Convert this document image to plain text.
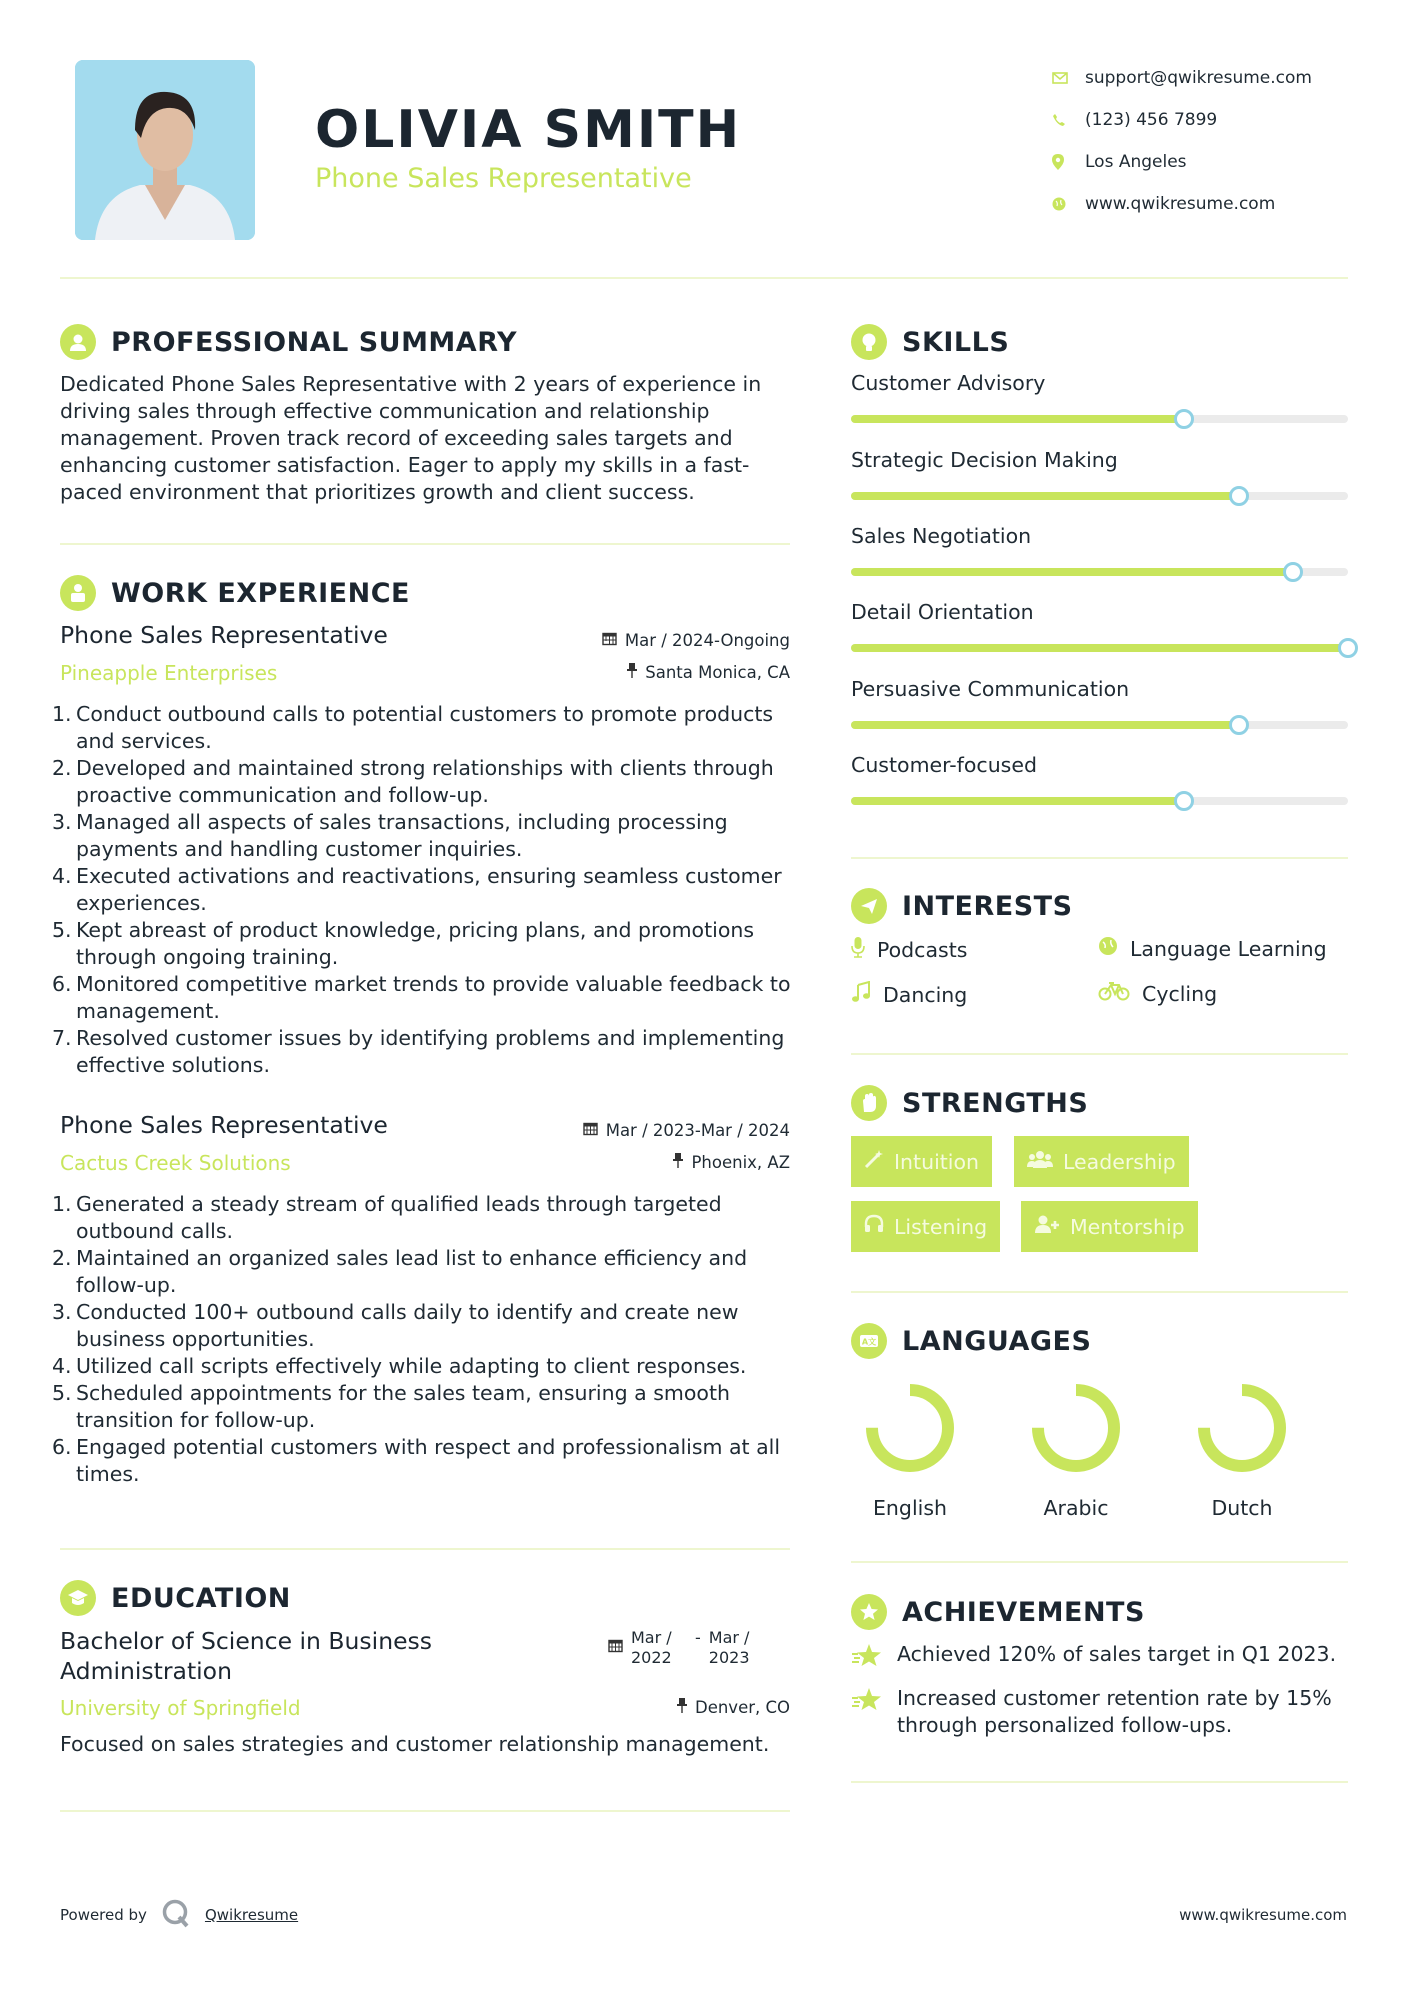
OLIVIA SMITH
Phone Sales Representative
support@qwikresume.com
(123) 456 7899
Los Angeles
www.qwikresume.com
PROFESSIONAL SUMMARY
Dedicated Phone Sales Representative with 2 years of experience in driving sales through effective communication and relationship management. Proven track record of exceeding sales targets and enhancing customer satisfaction. Eager to apply my skills in a fast-paced environment that prioritizes growth and client success.
WORK EXPERIENCE
Phone Sales Representative	Mar / 2024-Ongoing
Pineapple Enterprises	Santa Monica, CA
1. Conduct outbound calls to potential customers to promote products and services.
2. Developed and maintained strong relationships with clients through proactive communication and follow-up.
3. Managed all aspects of sales transactions, including processing payments and handling customer inquiries.
4. Executed activations and reactivations, ensuring seamless customer experiences.
5. Kept abreast of product knowledge, pricing plans, and promotions through ongoing training.
6. Monitored competitive market trends to provide valuable feedback to management.
7. Resolved customer issues by identifying problems and implementing effective solutions.
Phone Sales Representative	Mar / 2023-Mar / 2024
Cactus Creek Solutions	Phoenix, AZ
1. Generated a steady stream of qualified leads through targeted outbound calls.
2. Maintained an organized sales lead list to enhance efficiency and follow-up.
3. Conducted 100+ outbound calls daily to identify and create new business opportunities.
4. Utilized call scripts effectively while adapting to client responses.
5. Scheduled appointments for the sales team, ensuring a smooth transition for follow-up.
6. Engaged potential customers with respect and professionalism at all times.
EDUCATION
Bachelor of Science in Business Administration
Mar / 2022
- Mar / 2023
University of Springfield	Denver, CO
Focused on sales strategies and customer relationship management.
SKILLS
Customer Advisory
Strategic Decision Making
Sales Negotiation
Detail Orientation
Persuasive Communication
Customer-focused
INTERESTS
Podcasts	Language Learning
Dancing	Cycling
STRENGTHS
Intuition	Leadership
Listening	Mentorship
A文 LANGUAGES
English	Arabic	Dutch
ACHIEVEMENTS
Achieved 120% of sales target in Q1 2023.
Increased customer retention rate by 15% through personalized follow-ups.
Powered by	Qwikresume	www.qwikresume.com
